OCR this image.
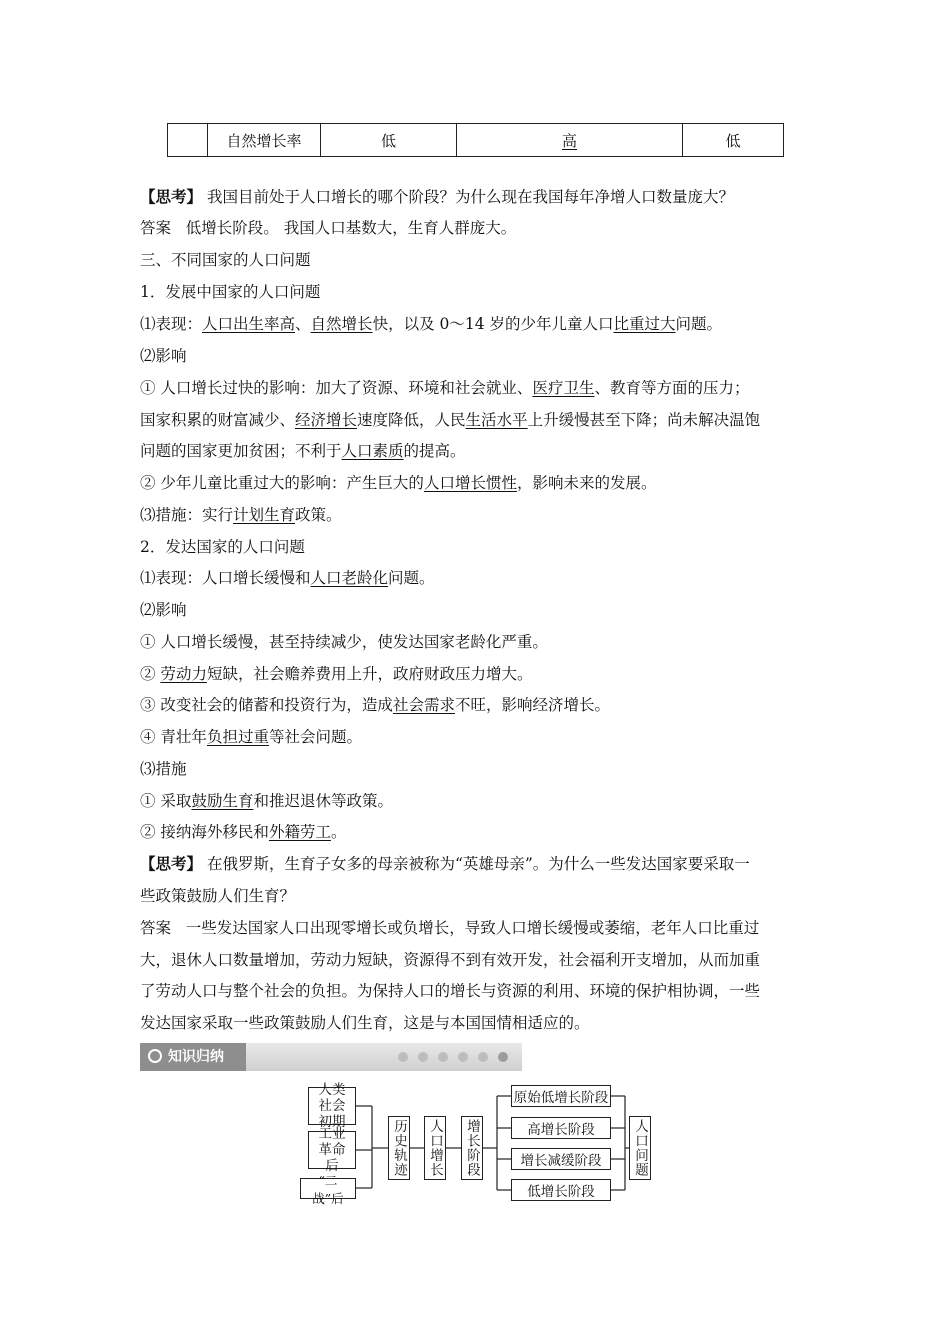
	自然增长率	低	高	低
【思考】 我国目前处于人口增长的哪个阶段？为什么现在我国每年净增人口数量庞大？
答案 低增长阶段。 我国人口基数大，生育人群庞大。
三、不同国家的人口问题
1．发展中国家的人口问题
⑴表现：人口出生率高、自然增长快，以及 0～14 岁的少年儿童人口比重过大问题。
⑵影响
① 人口增长过快的影响：加大了资源、环境和社会就业、医疗卫生、教育等方面的压力；
国家积累的财富减少、经济增长速度降低，人民生活水平上升缓慢甚至下降；尚未解决温饱
问题的国家更加贫困；不利于人口素质的提高。
② 少年儿童比重过大的影响：产生巨大的人口增长惯性，影响未来的发展。
⑶措施：实行计划生育政策。
2．发达国家的人口问题
⑴表现：人口增长缓慢和人口老龄化问题。
⑵影响
① 人口增长缓慢，甚至持续减少，使发达国家老龄化严重。
② 劳动力短缺，社会赡养费用上升，政府财政压力增大。
③ 改变社会的储蓄和投资行为，造成社会需求不旺，影响经济增长。
④ 青壮年负担过重等社会问题。
⑶措施
① 采取鼓励生育和推迟退休等政策。
② 接纳海外移民和外籍劳工。
【思考】 在俄罗斯，生育子女多的母亲被称为“英雄母亲”。为什么一些发达国家要采取一
些政策鼓励人们生育？
答案 一些发达国家人口出现零增长或负增长，导致人口增长缓慢或萎缩，老年人口比重过
大，退休人口数量增加，劳动力短缺，资源得不到有效开发，社会福利开支增加，从而加重
了劳动人口与整个社会的负担。为保持人口的增长与资源的利用、环境的保护相协调，一些
发达国家采取一些政策鼓励人们生育，这是与本国国情相适应的。
知识归纳
人类社会初期
工业革命后
“二战”后
历史轨迹 人口增长 增长阶段
原始低增长阶段
高增长阶段
增长减缓阶段
低增长阶段
人口问题
